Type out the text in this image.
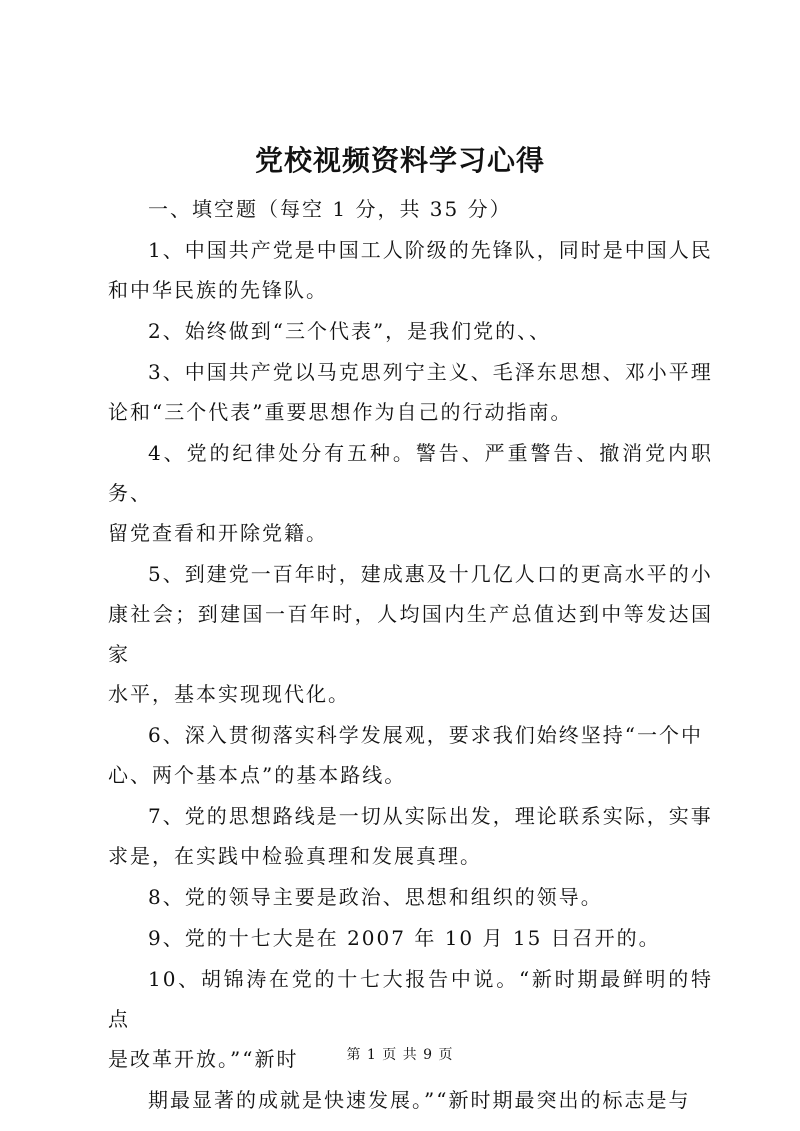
党校视频资料学习心得

一、填空题（每空 1 分，共 35 分）

1、中国共产党是中国工人阶级的先锋队，同时是中国人民
和中华民族的先锋队。

2、始终做到“三个代表”，是我们党的、、

3、中国共产党以马克思列宁主义、毛泽东思想、邓小平理
论和“三个代表”重要思想作为自己的行动指南。

4、党的纪律处分有五种。警告、严重警告、撤消党内职务、
留党查看和开除党籍。

5、到建党一百年时，建成惠及十几亿人口的更高水平的小
康社会；到建国一百年时，人均国内生产总值达到中等发达国家
水平，基本实现现代化。

6、深入贯彻落实科学发展观，要求我们始终坚持“一个中
心、两个基本点”的基本路线。

7、党的思想路线是一切从实际出发，理论联系实际，实事
求是，在实践中检验真理和发展真理。

8、党的领导主要是政治、思想和组织的领导。

9、党的十七大是在 2007 年 10 月 15 日召开的。

10、胡锦涛在党的十七大报告中说。“新时期最鲜明的特点
是改革开放。”“新时

期最显著的成就是快速发展。”“新时期最突出的标志是与

第 1 页 共 9 页
